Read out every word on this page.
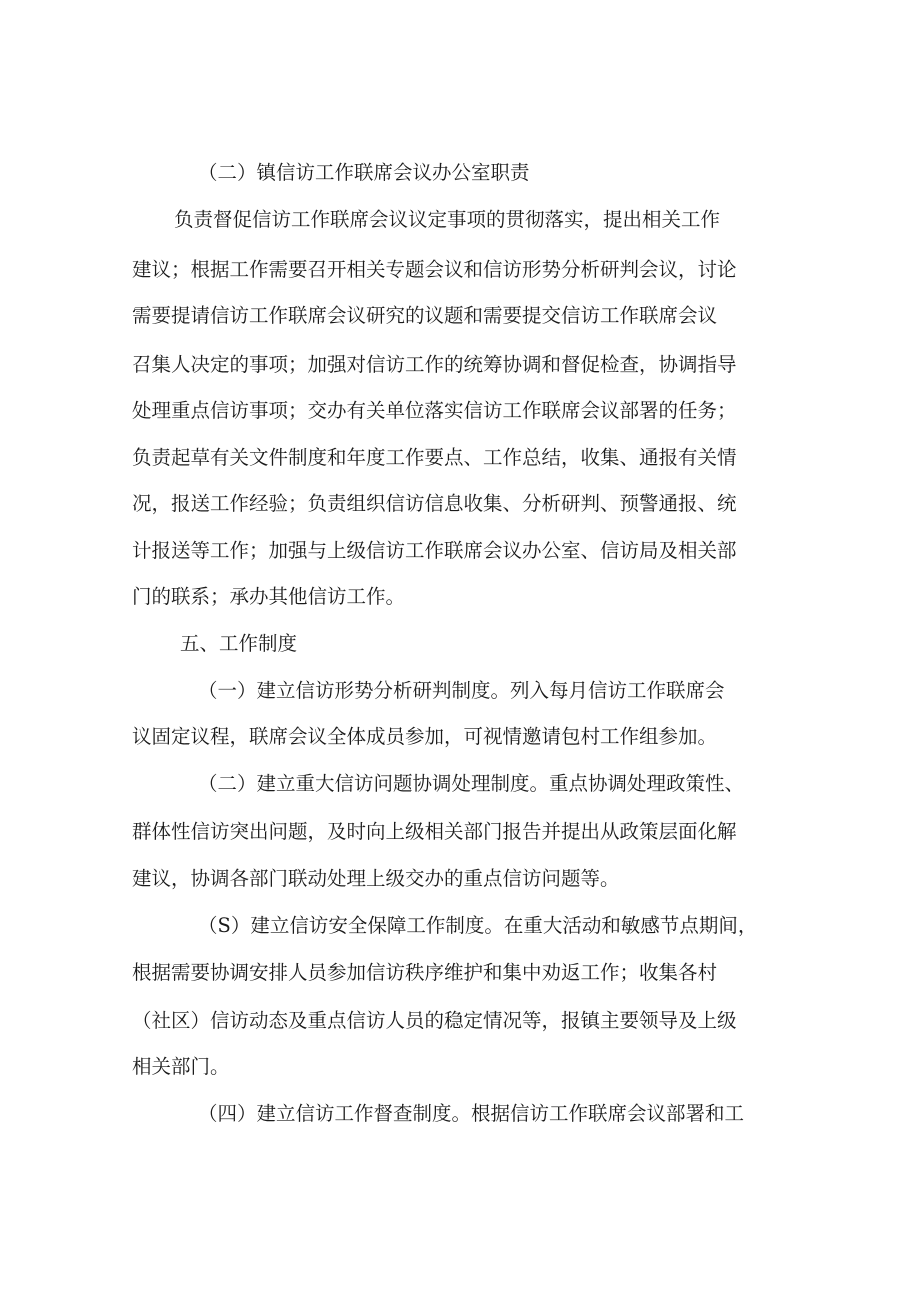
（二）镇信访工作联席会议办公室职责
负责督促信访工作联席会议议定事项的贯彻落实，提出相关工作
建议；根据工作需要召开相关专题会议和信访形势分析研判会议，讨论
需要提请信访工作联席会议研究的议题和需要提交信访工作联席会议
召集人决定的事项；加强对信访工作的统筹协调和督促检查，协调指导
处理重点信访事项；交办有关单位落实信访工作联席会议部署的任务；
负责起草有关文件制度和年度工作要点、工作总结，收集、通报有关情
况，报送工作经验；负责组织信访信息收集、分析研判、预警通报、统
计报送等工作；加强与上级信访工作联席会议办公室、信访局及相关部
门的联系；承办其他信访工作。
五、工作制度
（一）建立信访形势分析研判制度。列入每月信访工作联席会
议固定议程，联席会议全体成员参加，可视情邀请包村工作组参加。
（二）建立重大信访问题协调处理制度。重点协调处理政策性、
群体性信访突出问题，及时向上级相关部门报告并提出从政策层面化解
建议，协调各部门联动处理上级交办的重点信访问题等。
（S）建立信访安全保障工作制度。在重大活动和敏感节点期间，
根据需要协调安排人员参加信访秩序维护和集中劝返工作；收集各村
（社区）信访动态及重点信访人员的稳定情况等，报镇主要领导及上级
相关部门。
（四）建立信访工作督查制度。根据信访工作联席会议部署和工
